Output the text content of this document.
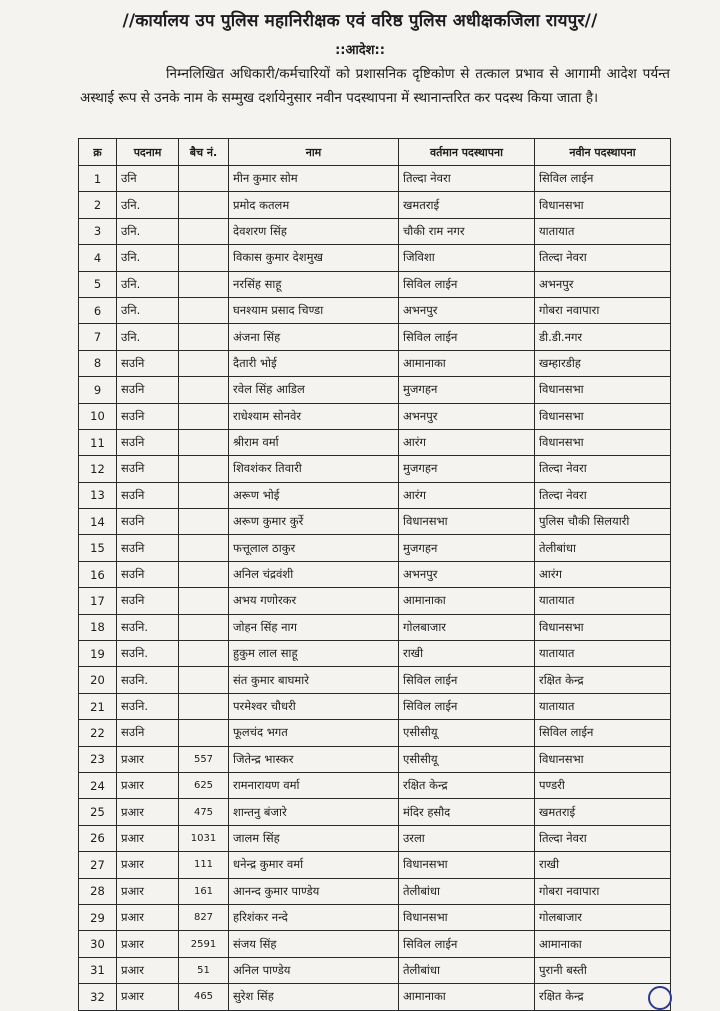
//कार्यालय उप पुलिस महानिरीक्षक एवं वरिष्ठ पुलिस अधीक्षकजिला रायपुर//
::आदेश::
निम्नलिखित अधिकारी/कर्मचारियों को प्रशासनिक दृष्टिकोण से तत्काल प्रभाव से आगामी आदेश पर्यन्त अस्थाई रूप से उनके नाम के सम्मुख दर्शायेनुसार नवीन पदस्थापना में स्थानान्तरित कर पदस्थ किया जाता है।
क्र	पदनाम	बैच नं.	नाम	वर्तमान पदस्थापना	नवीन पदस्थापना
1	उनि		मीन कुमार सोम	तिल्दा नेवरा	सिविल लाईन
2	उनि.		प्रमोद कतलम	खमतराई	विधानसभा
3	उनि.		देवशरण सिंह	चौकी राम नगर	यातायात
4	उनि.		विकास कुमार देशमुख	जिविशा	तिल्दा नेवरा
5	उनि.		नरसिंह साहू	सिविल लाईन	अभनपुर
6	उनि.		घनश्याम प्रसाद चिण्डा	अभनपुर	गोबरा नवापारा
7	उनि.		अंजना सिंह	सिविल लाईन	डी.डी.नगर
8	सउनि		दैतारी भोई	आमानाका	खम्हारडीह
9	सउनि		रवेल सिंह आडिल	मुजगहन	विधानसभा
10	सउनि		राधेश्याम सोनवेर	अभनपुर	विधानसभा
11	सउनि		श्रीराम वर्मा	आरंग	विधानसभा
12	सउनि		शिवशंकर तिवारी	मुजगहन	तिल्दा नेवरा
13	सउनि		अरूण भोई	आरंग	तिल्दा नेवरा
14	सउनि		अरूण कुमार कुर्रे	विधानसभा	पुलिस चौकी सिलयारी
15	सउनि		फत्तूलाल ठाकुर	मुजगहन	तेलीबांधा
16	सउनि		अनिल चंद्रवंशी	अभनपुर	आरंग
17	सउनि		अभय गणोरकर	आमानाका	यातायात
18	सउनि.		जोहन सिंह नाग	गोलबाजार	विधानसभा
19	सउनि.		हुकुम लाल साहू	राखी	यातायात
20	सउनि.		संत कुमार बाघमारे	सिविल लाईन	रक्षित केन्द्र
21	सउनि.		परमेश्वर चौधरी	सिविल लाईन	यातायात
22	सउनि		फूलचंद भगत	एसीसीयू	सिविल लाईन
23	प्रआर	557	जितेन्द्र भास्कर	एसीसीयू	विधानसभा
24	प्रआर	625	रामनारायण वर्मा	रक्षित केन्द्र	पण्डरी
25	प्रआर	475	शान्तनु बंजारे	मंदिर हसौद	खमतराई
26	प्रआर	1031	जालम सिंह	उरला	तिल्दा नेवरा
27	प्रआर	111	धनेन्द्र कुमार वर्मा	विधानसभा	राखी
28	प्रआर	161	आनन्द कुमार पाण्डेय	तेलीबांधा	गोबरा नवापारा
29	प्रआर	827	हरिशंकर नन्दे	विधानसभा	गोलबाजार
30	प्रआर	2591	संजय सिंह	सिविल लाईन	आमानाका
31	प्रआर	51	अनिल पाण्डेय	तेलीबांधा	पुरानी बस्ती
32	प्रआर	465	सुरेश सिंह	आमानाका	रक्षित केन्द्र
